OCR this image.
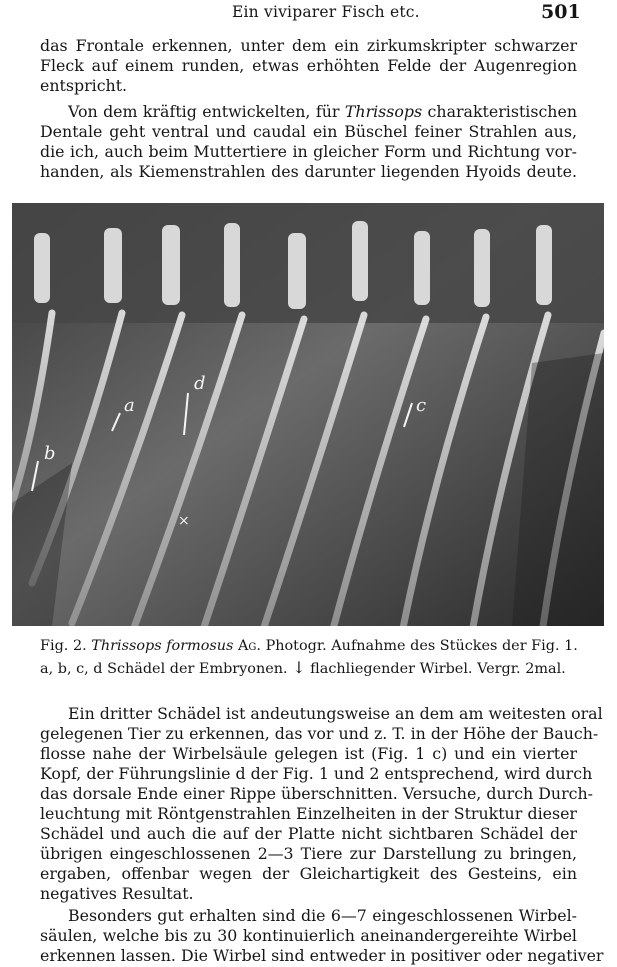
Ein viviparer Fisch etc.	501

das Frontale erkennen, unter dem ein zirkumskripter schwarzer
Fleck auf einem runden, etwas erhöhten Felde der Augenregion
entspricht.

Von dem kräftig entwickelten, für Thrissops charakteristischen
Dentale geht ventral und caudal ein Büschel feiner Strahlen aus,
die ich, auch beim Muttertiere in gleicher Form und Richtung vor-
handen, als Kiemenstrahlen des darunter liegenden Hyoids deute.

a
b
c
d
×
Fig. 2. Thrissops formosus Ag. Photogr. Aufnahme des Stückes der Fig. 1.
a, b, c, d Schädel der Embryonen. ↓ flachliegender Wirbel. Vergr. 2mal.

Ein dritter Schädel ist andeutungsweise an dem am weitesten oral
gelegenen Tier zu erkennen, das vor und z. T. in der Höhe der Bauch-
flosse nahe der Wirbelsäule gelegen ist (Fig. 1 c) und ein vierter
Kopf, der Führungslinie d der Fig. 1 und 2 entsprechend, wird durch
das dorsale Ende einer Rippe überschnitten. Versuche, durch Durch-
leuchtung mit Röntgenstrahlen Einzelheiten in der Struktur dieser
Schädel und auch die auf der Platte nicht sichtbaren Schädel der
übrigen eingeschlossenen 2—3 Tiere zur Darstellung zu bringen,
ergaben, offenbar wegen der Gleichartigkeit des Gesteins, ein
negatives Resultat.

Besonders gut erhalten sind die 6—7 eingeschlossenen Wirbel-
säulen, welche bis zu 30 kontinuierlich aneinandergereihte Wirbel
erkennen lassen. Die Wirbel sind entweder in positiver oder negativer
